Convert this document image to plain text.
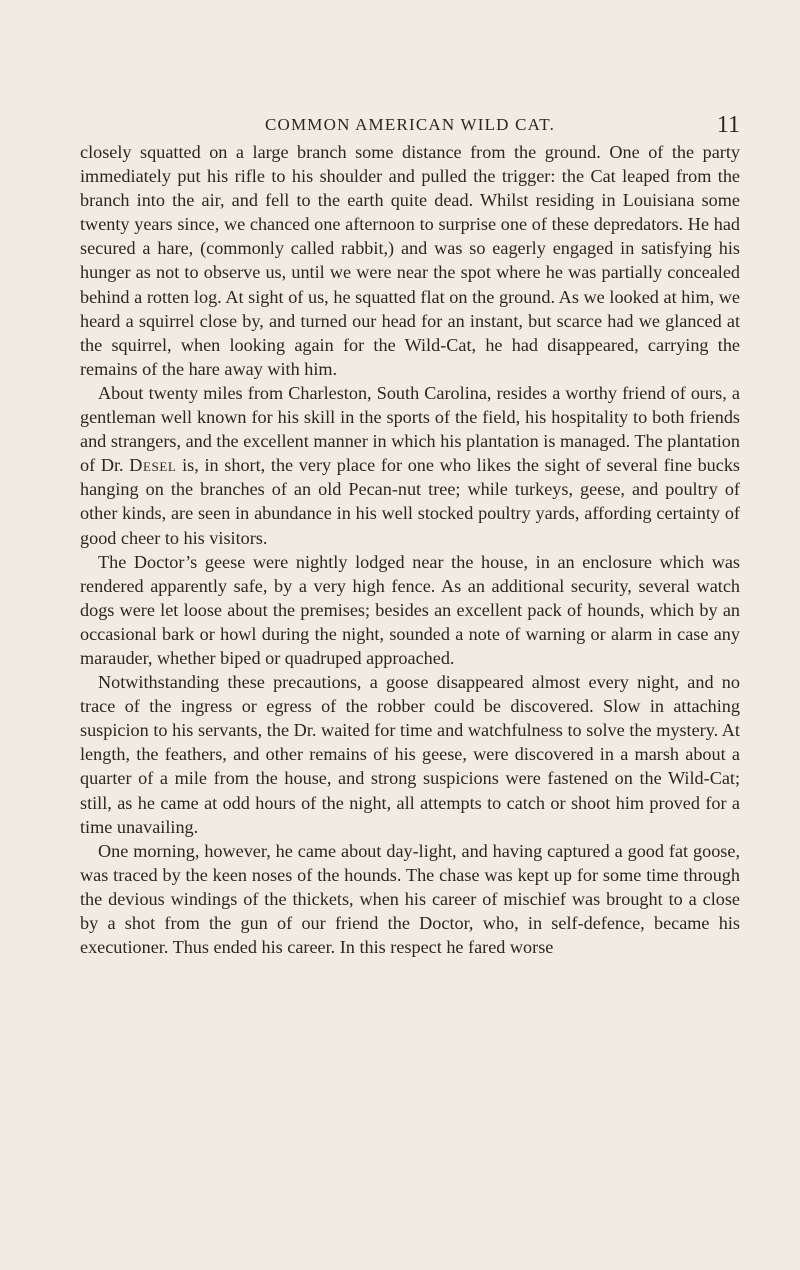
COMMON AMERICAN WILD CAT.	11

closely squatted on a large branch some distance from the ground. One of the party immediately put his rifle to his shoulder and pulled the trigger: the Cat leaped from the branch into the air, and fell to the earth quite dead. Whilst residing in Louisiana some twenty years since, we chanced one afternoon to surprise one of these depredators. He had secured a hare, (commonly called rabbit,) and was so eagerly engaged in satisfying his hunger as not to observe us, until we were near the spot where he was partially concealed behind a rotten log. At sight of us, he squatted flat on the ground. As we looked at him, we heard a squirrel close by, and turned our head for an instant, but scarce had we glanced at the squirrel, when looking again for the Wild-Cat, he had disappeared, carrying the remains of the hare away with him.

About twenty miles from Charleston, South Carolina, resides a worthy friend of ours, a gentleman well known for his skill in the sports of the field, his hospitality to both friends and strangers, and the excellent manner in which his plantation is managed. The plantation of Dr. Desel is, in short, the very place for one who likes the sight of several fine bucks hanging on the branches of an old Pecan-nut tree; while turkeys, geese, and poultry of other kinds, are seen in abundance in his well stocked poultry yards, affording certainty of good cheer to his visitors.

The Doctor’s geese were nightly lodged near the house, in an enclosure which was rendered apparently safe, by a very high fence. As an additional security, several watch dogs were let loose about the premises; besides an excellent pack of hounds, which by an occasional bark or howl during the night, sounded a note of warning or alarm in case any marauder, whether biped or quadruped approached.

Notwithstanding these precautions, a goose disappeared almost every night, and no trace of the ingress or egress of the robber could be discovered. Slow in attaching suspicion to his servants, the Dr. waited for time and watchfulness to solve the mystery. At length, the feathers, and other remains of his geese, were discovered in a marsh about a quarter of a mile from the house, and strong suspicions were fastened on the Wild-Cat; still, as he came at odd hours of the night, all attempts to catch or shoot him proved for a time unavailing.

One morning, however, he came about day-light, and having captured a good fat goose, was traced by the keen noses of the hounds. The chase was kept up for some time through the devious windings of the thickets, when his career of mischief was brought to a close by a shot from the gun of our friend the Doctor, who, in self-defence, became his executioner. Thus ended his career. In this respect he fared worse
